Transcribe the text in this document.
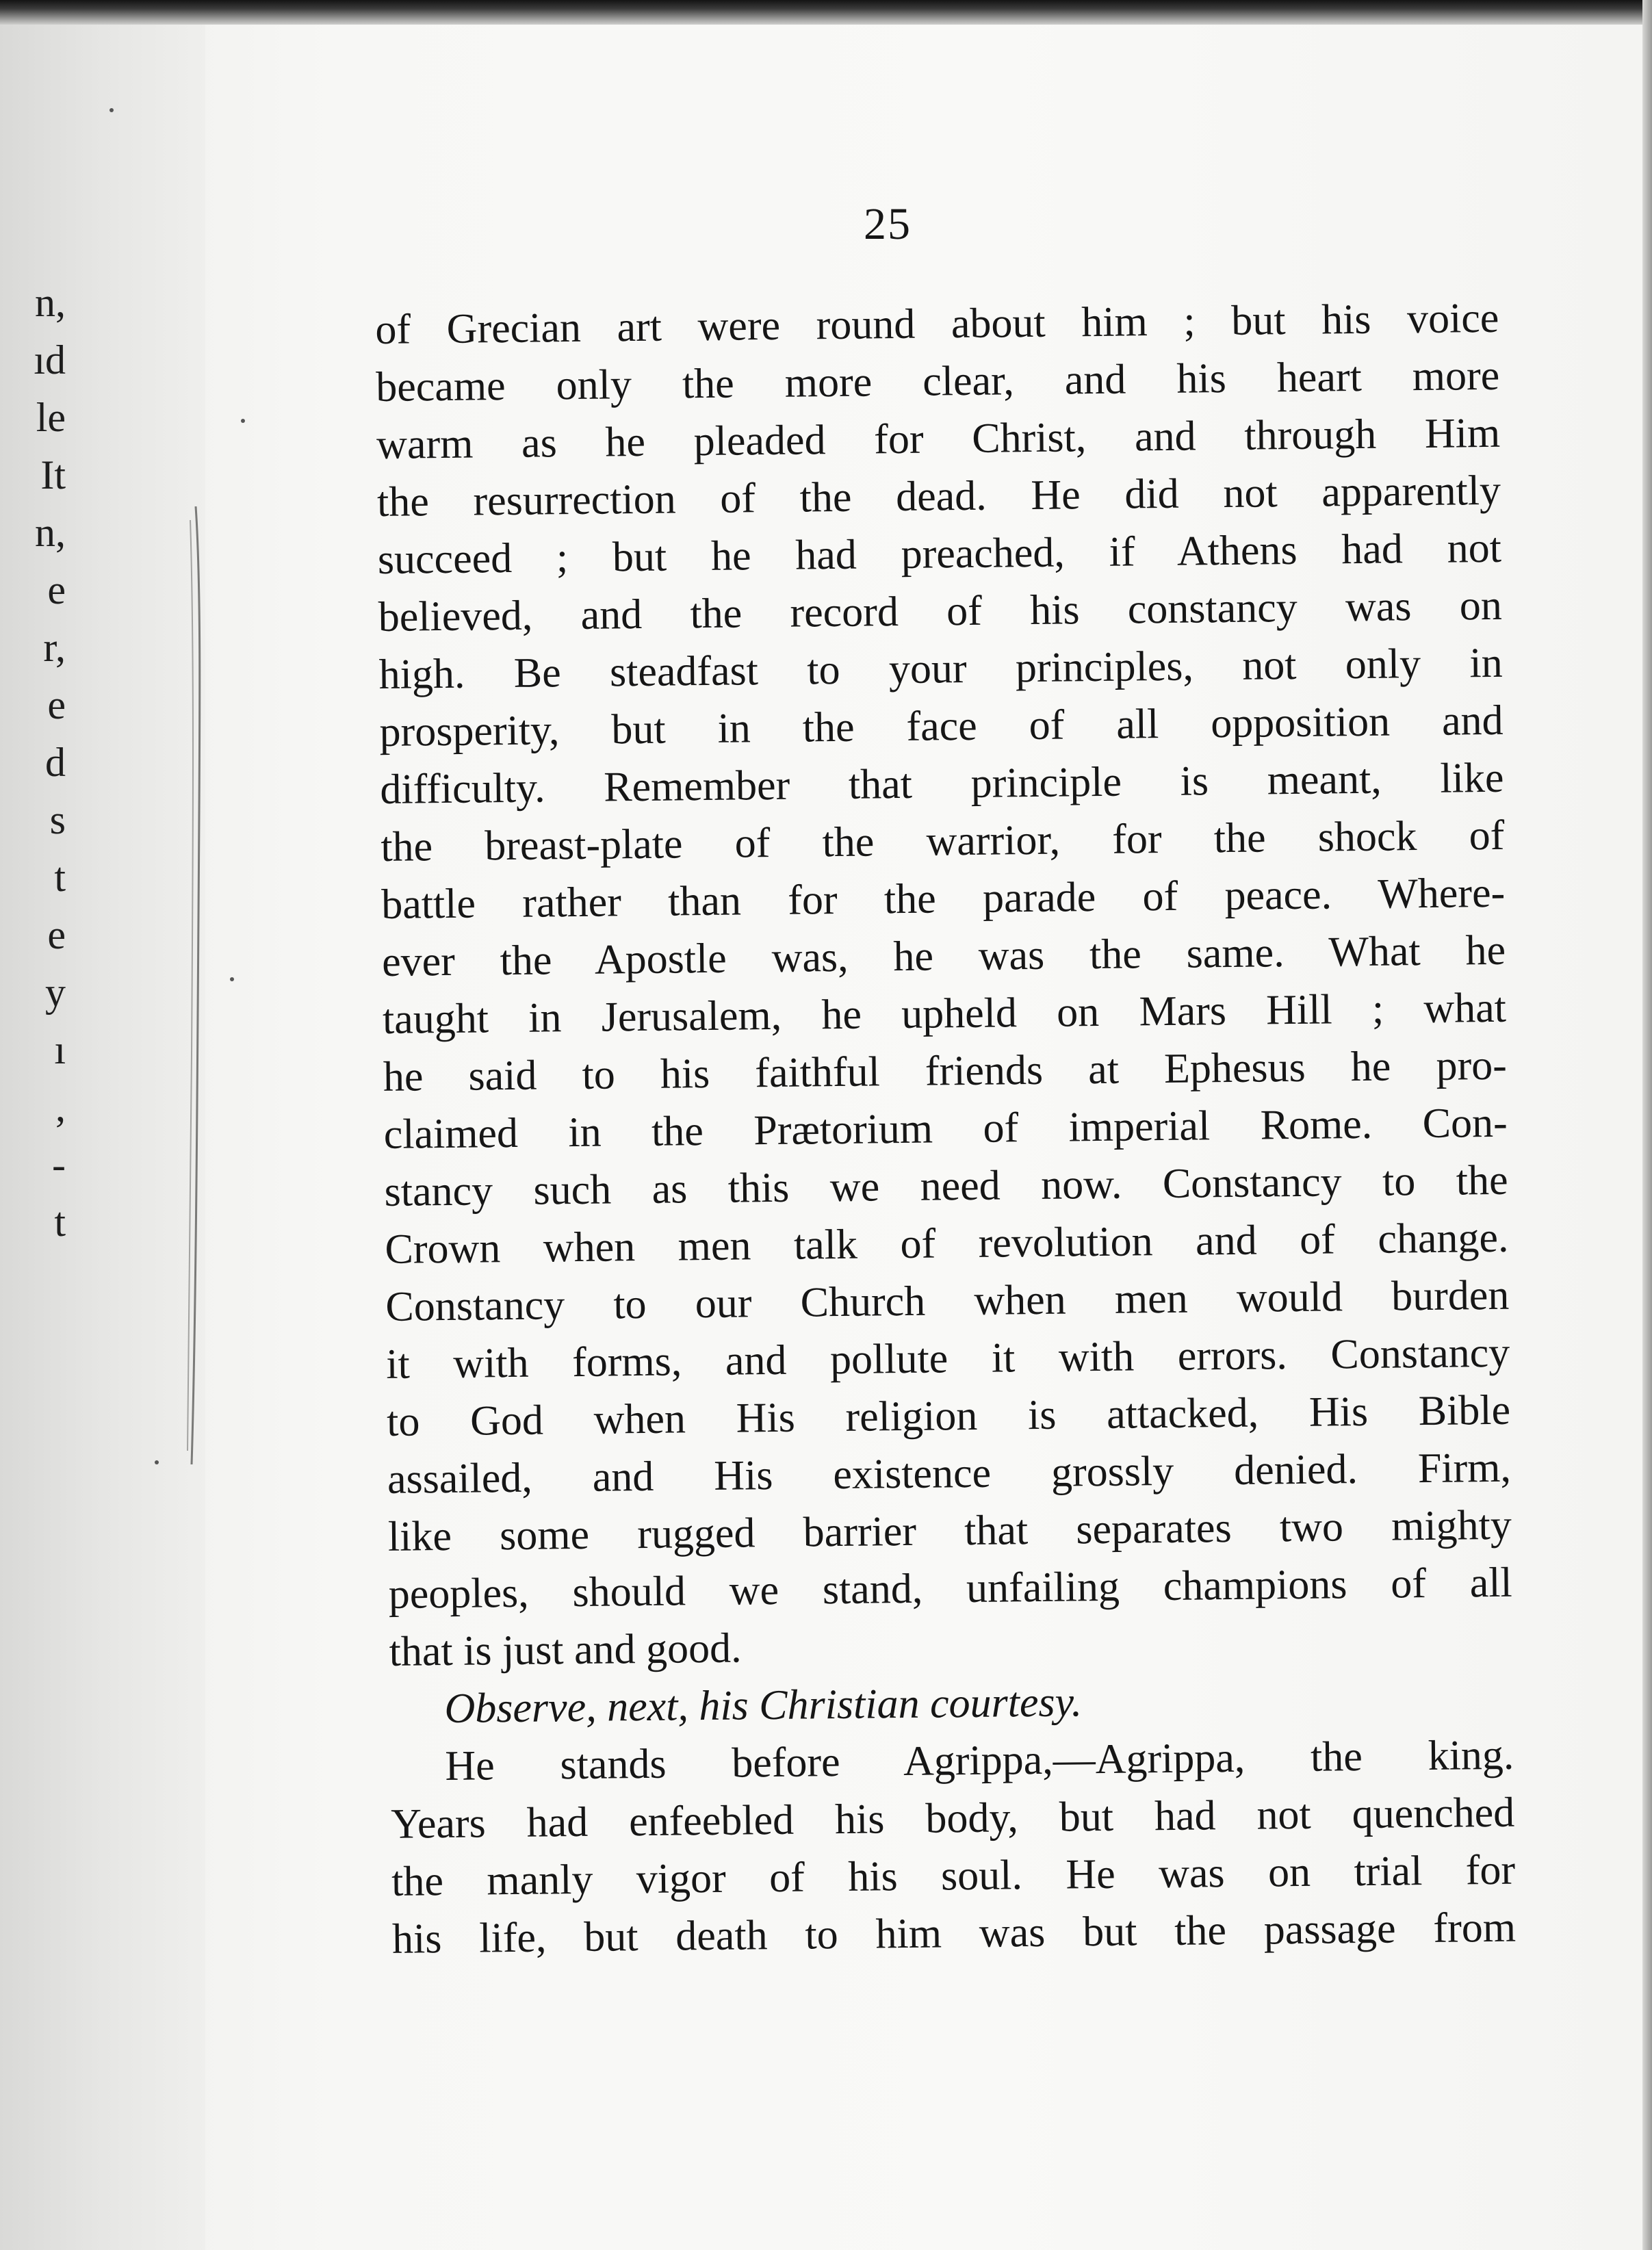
n,
ıd
le
It
n,
e
r,
e
d
s
t
e
y
ı
,
-
t
25
of Grecian art were round about him ; but his voice
became only the more clear, and his heart more
warm as he pleaded for Christ, and through Him
the resurrection of the dead. He did not apparently
succeed ; but he had preached, if Athens had not
believed, and the record of his constancy was on
high. Be steadfast to your principles, not only in
prosperity, but in the face of all opposition and
difficulty. Remember that principle is meant, like
the breast-plate of the warrior, for the shock of
battle rather than for the parade of peace. Where-
ever the Apostle was, he was the same. What he
taught in Jerusalem, he upheld on Mars Hill ; what
he said to his faithful friends at Ephesus he pro-
claimed in the Prætorium of imperial Rome. Con-
stancy such as this we need now. Constancy to the
Crown when men talk of revolution and of change.
Constancy to our Church when men would burden
it with forms, and pollute it with errors. Constancy
to God when His religion is attacked, His Bible
assailed, and His existence grossly denied. Firm,
like some rugged barrier that separates two mighty
peoples, should we stand, unfailing champions of all
that is just and good.
Observe, next, his Christian courtesy.
He stands before Agrippa,—Agrippa, the king.
Years had enfeebled his body, but had not quenched
the manly vigor of his soul. He was on trial for
his life, but death to him was but the passage from
